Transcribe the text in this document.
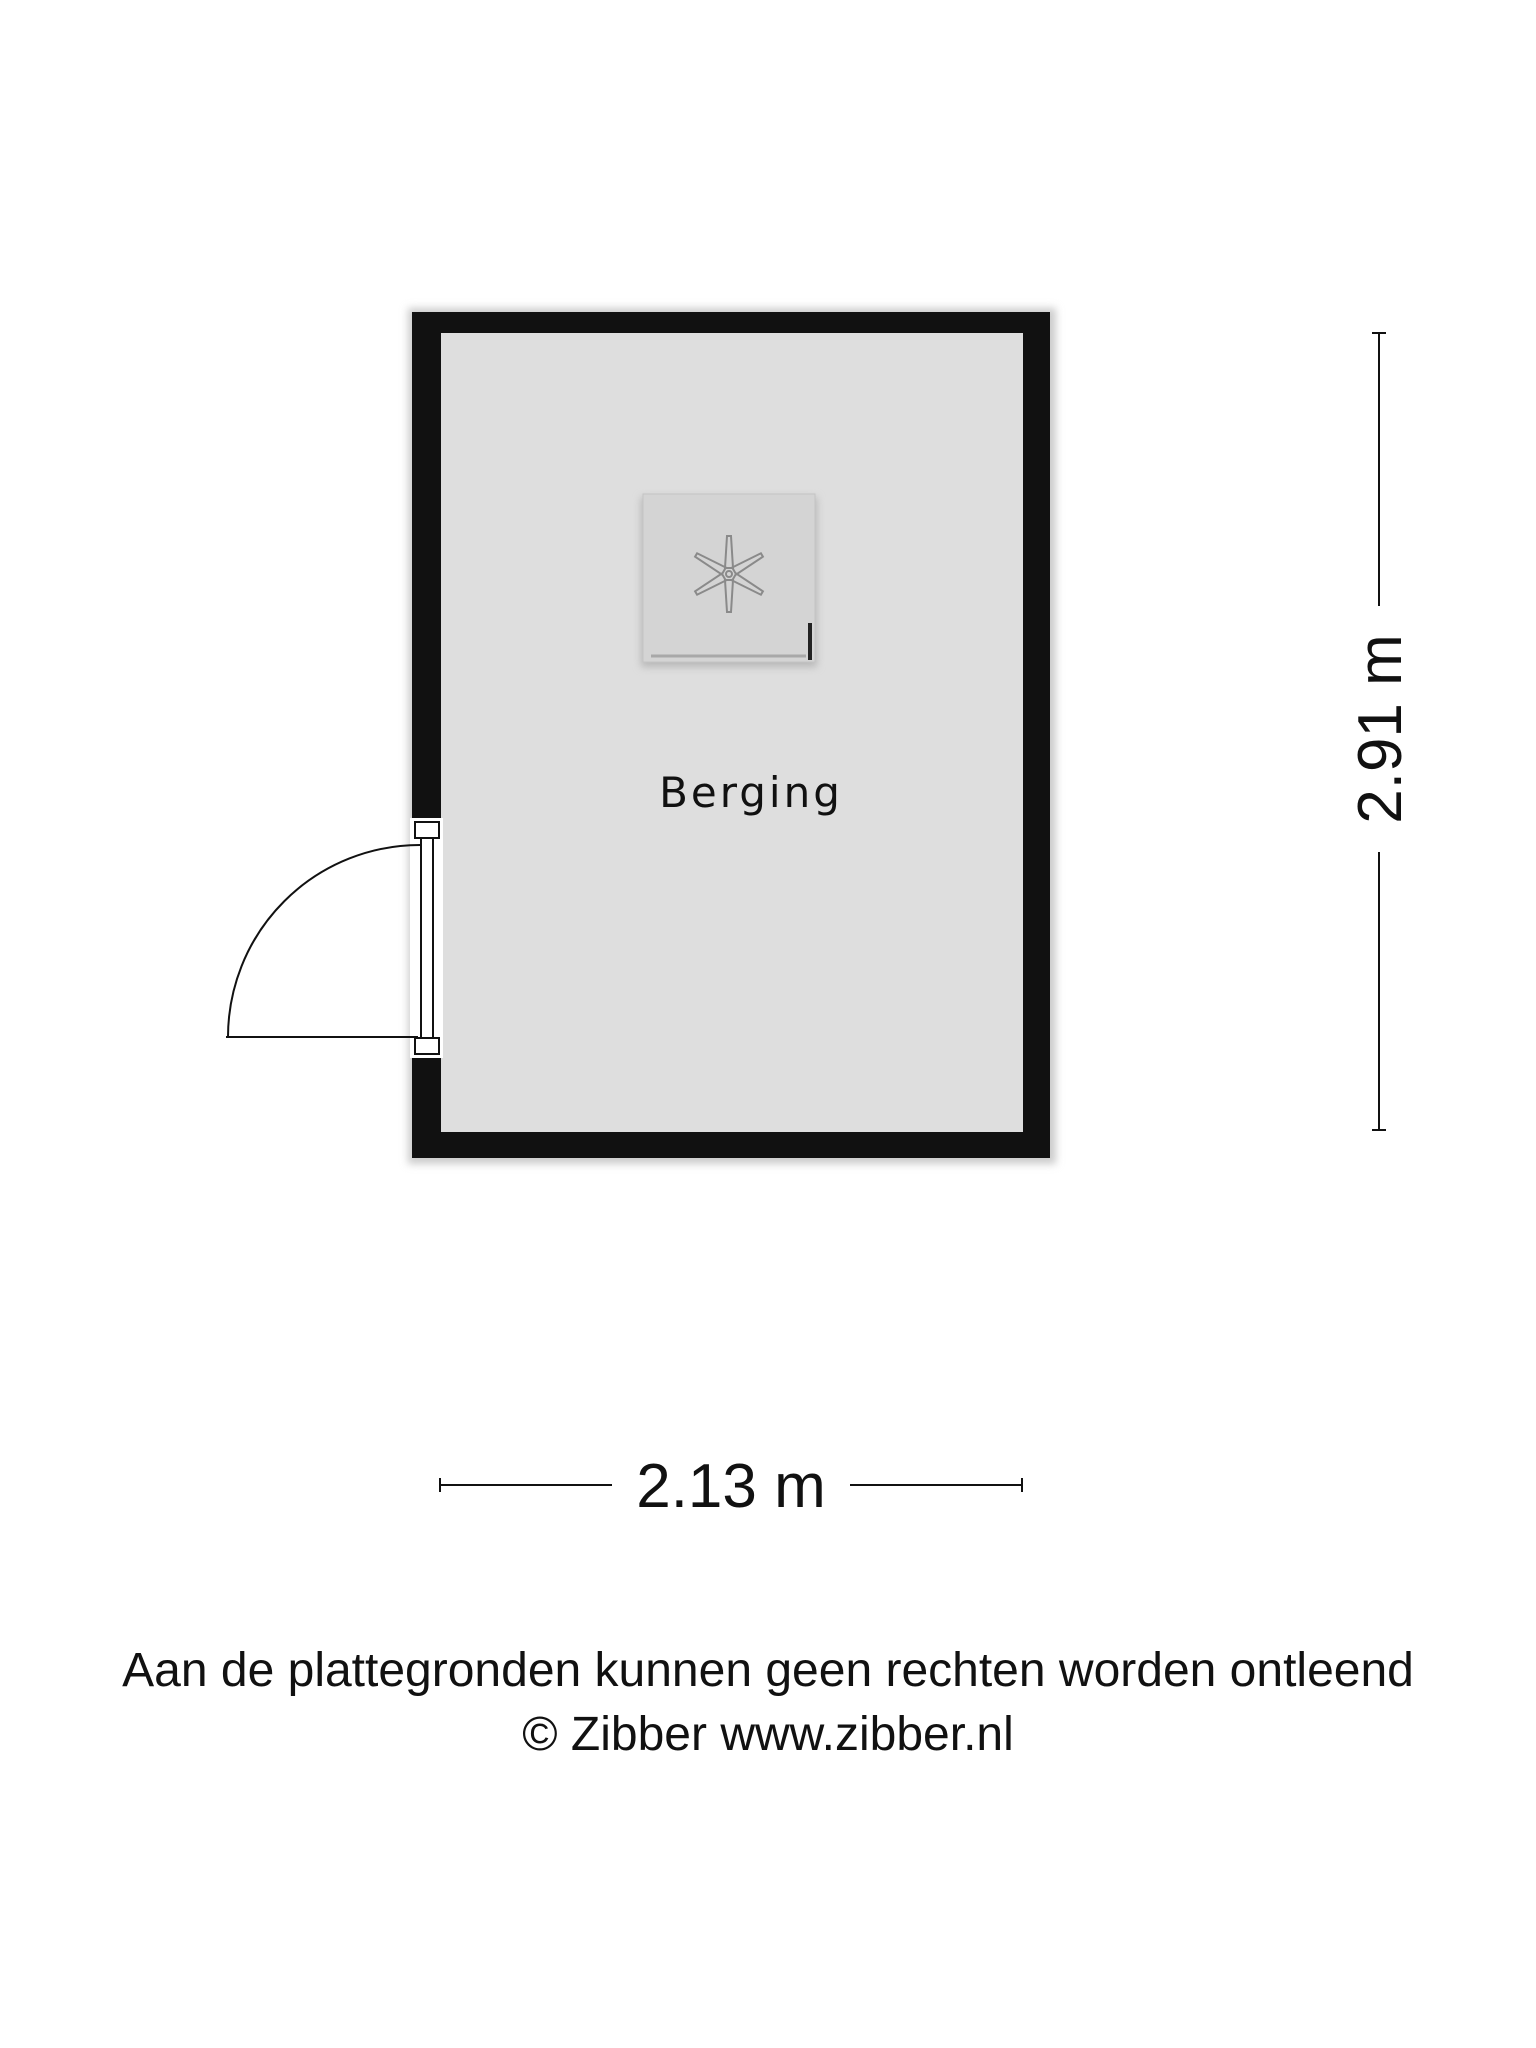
Berging	2.91 m
2.13 m
Aan de plattegronden kunnen geen rechten worden ontleend
© Zibber www.zibber.nl
